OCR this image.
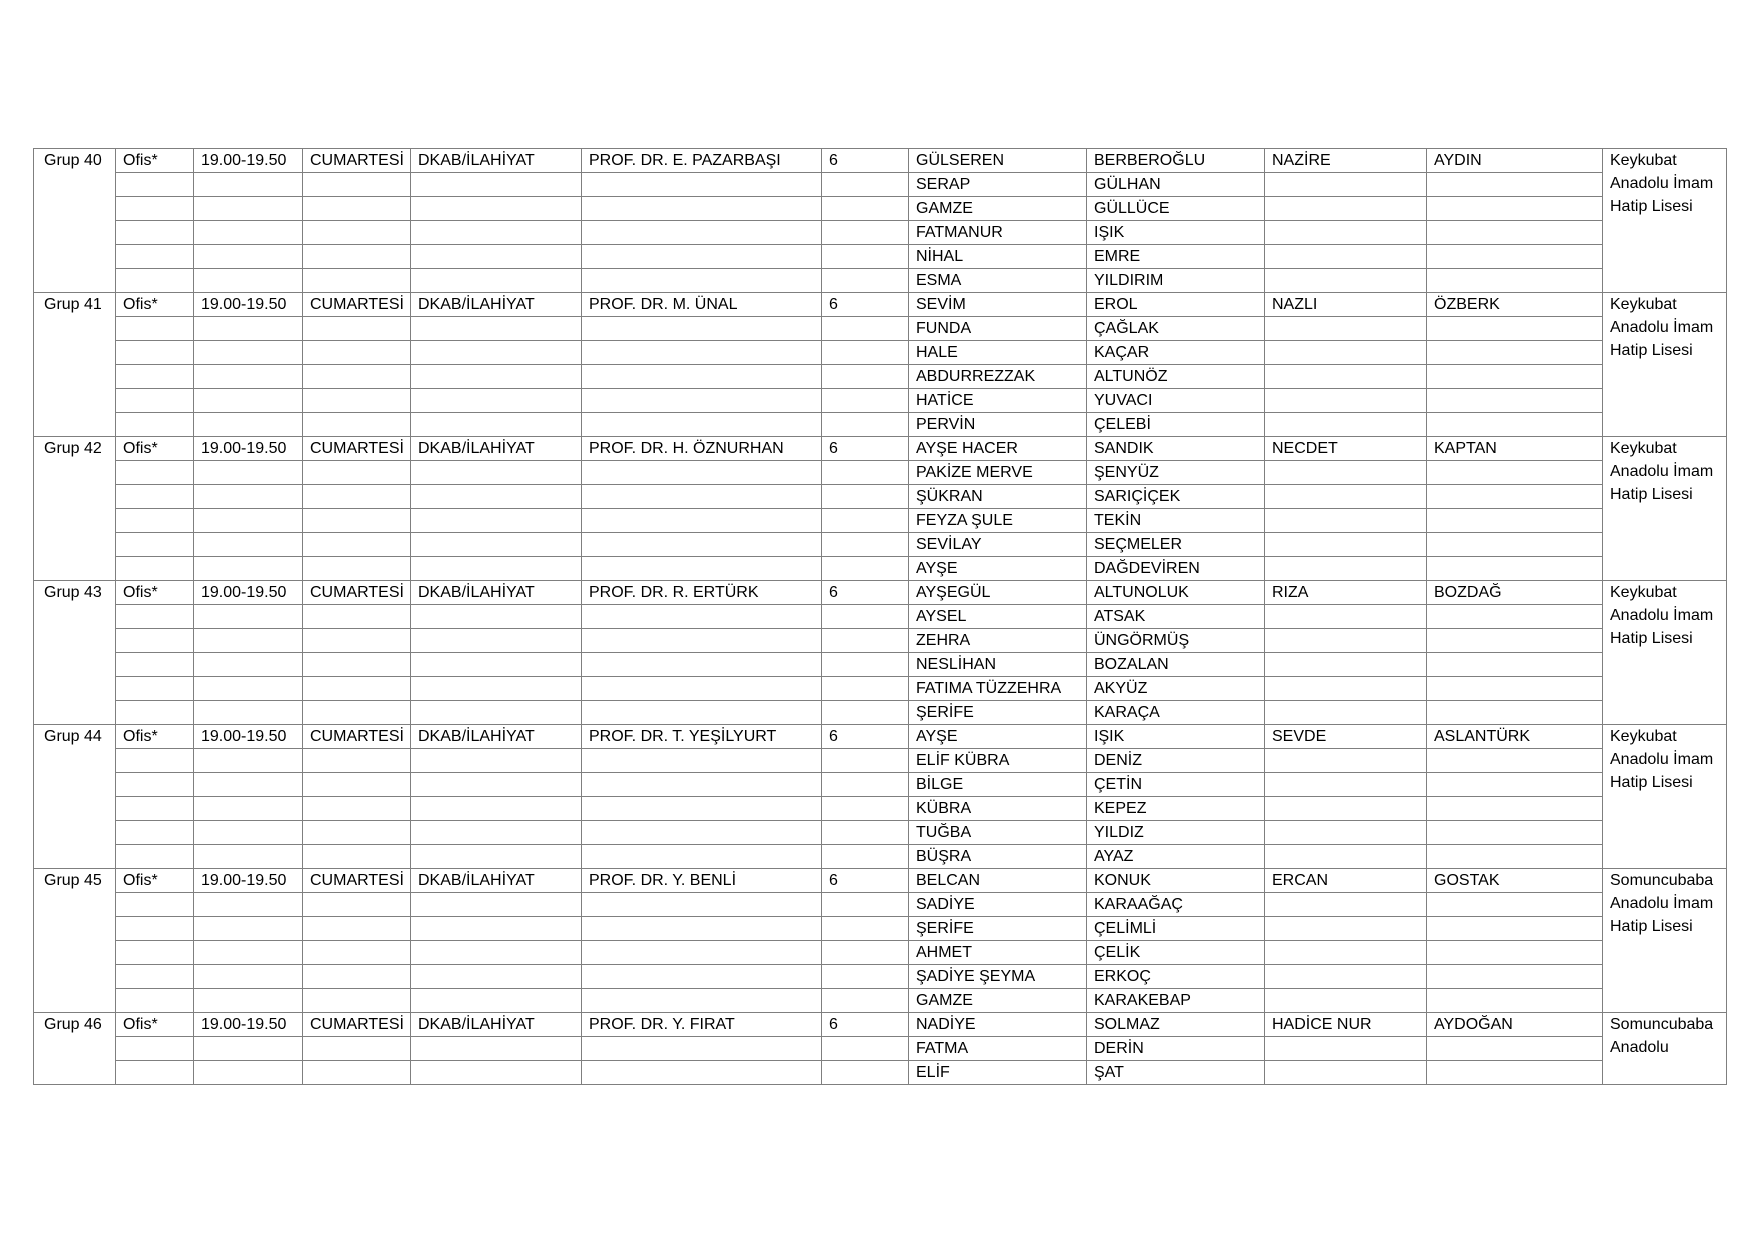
Grup 40	Ofis*	19.00-19.50	CUMARTESİ	DKAB/İLAHİYAT	PROF. DR. E. PAZARBAŞI	6	GÜLSEREN	BERBEROĞLU	NAZİRE	AYDIN	Keykubat Anadolu İmam Hatip Lisesi
							SERAP	GÜLHAN			
							GAMZE	GÜLLÜCE			
							FATMANUR	IŞIK			
							NİHAL	EMRE			
							ESMA	YILDIRIM			
Grup 41	Ofis*	19.00-19.50	CUMARTESİ	DKAB/İLAHİYAT	PROF. DR. M. ÜNAL	6	SEVİM	EROL	NAZLI	ÖZBERK	Keykubat Anadolu İmam Hatip Lisesi
							FUNDA	ÇAĞLAK			
							HALE	KAÇAR			
							ABDURREZZAK	ALTUNÖZ			
							HATİCE	YUVACI			
							PERVİN	ÇELEBİ			
Grup 42	Ofis*	19.00-19.50	CUMARTESİ	DKAB/İLAHİYAT	PROF. DR. H. ÖZNURHAN	6	AYŞE HACER	SANDIK	NECDET	KAPTAN	Keykubat Anadolu İmam Hatip Lisesi
							PAKİZE MERVE	ŞENYÜZ			
							ŞÜKRAN	SARIÇİÇEK			
							FEYZA ŞULE	TEKİN			
							SEVİLAY	SEÇMELER			
							AYŞE	DAĞDEVİREN			
Grup 43	Ofis*	19.00-19.50	CUMARTESİ	DKAB/İLAHİYAT	PROF. DR. R. ERTÜRK	6	AYŞEGÜL	ALTUNOLUK	RIZA	BOZDAĞ	Keykubat Anadolu İmam Hatip Lisesi
							AYSEL	ATSAK			
							ZEHRA	ÜNGÖRMÜŞ			
							NESLİHAN	BOZALAN			
							FATIMA TÜZZEHRA	AKYÜZ			
							ŞERİFE	KARAÇA			
Grup 44	Ofis*	19.00-19.50	CUMARTESİ	DKAB/İLAHİYAT	PROF. DR. T. YEŞİLYURT	6	AYŞE	IŞIK	SEVDE	ASLANTÜRK	Keykubat Anadolu İmam Hatip Lisesi
							ELİF KÜBRA	DENİZ			
							BİLGE	ÇETİN			
							KÜBRA	KEPEZ			
							TUĞBA	YILDIZ			
							BÜŞRA	AYAZ			
Grup 45	Ofis*	19.00-19.50	CUMARTESİ	DKAB/İLAHİYAT	PROF. DR. Y. BENLİ	6	BELCAN	KONUK	ERCAN	GOSTAK	Somuncubaba Anadolu İmam Hatip Lisesi
							SADİYE	KARAAĞAÇ			
							ŞERİFE	ÇELİMLİ			
							AHMET	ÇELİK			
							ŞADİYE ŞEYMA	ERKOÇ			
							GAMZE	KARAKEBAP			
Grup 46	Ofis*	19.00-19.50	CUMARTESİ	DKAB/İLAHİYAT	PROF. DR. Y. FIRAT	6	NADİYE	SOLMAZ	HADİCE NUR	AYDOĞAN	Somuncubaba Anadolu
							FATMA	DERİN			
							ELİF	ŞAT			
